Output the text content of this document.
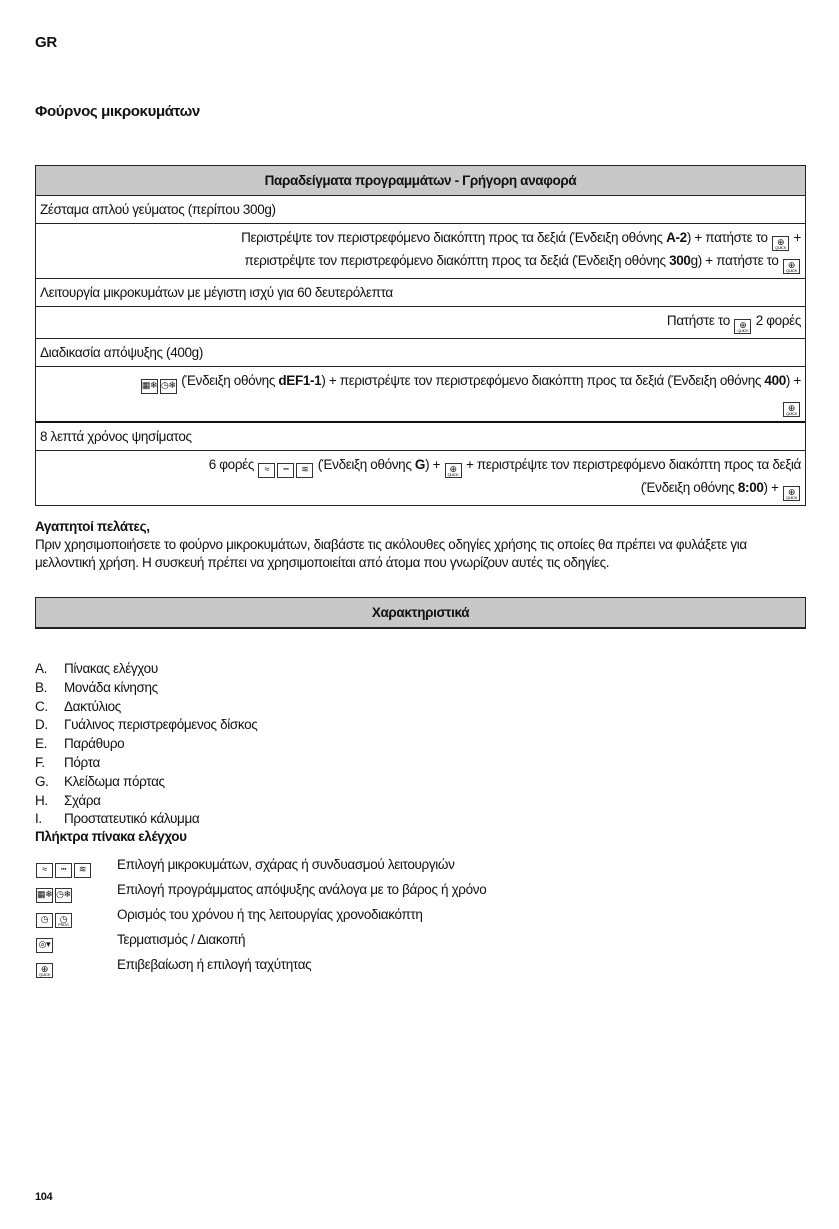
GR
Φούρνος μικροκυμάτων
Παραδείγματα προγραμμάτων - Γρήγορη αναφορά
Ζέσταμα απλού γεύματος (περίπου 300g)
Περιστρέψτε τον περιστρεφόμενο διακόπτη προς τα δεξιά (Ένδειξη οθόνης A-2) + πατήστε το ⊕
QUICK
+
περιστρέψτε τον περιστρεφόμενο διακόπτη προς τα δεξιά (Ένδειξη οθόνης 300g) + πατήστε το ⊕
QUICK
Λειτουργία μικροκυμάτων με μέγιστη ισχύ για 60 δευτερόλεπτα
Πατήστε το ⊕
QUICK
2 φορές
Διαδικασία απόψυξης (400g)
▦❄ ◷❄ (Ένδειξη οθόνης dEF1-1) + περιστρέψτε τον περιστρεφόμενο διακόπτη προς τα δεξιά (Ένδειξη οθόνης 400) +
⊕
QUICK
8 λεπτά χρόνος ψησίματος
6 φορές ≈ ┅ ≋ (Ένδειξη οθόνης G) + ⊕
QUICK
+ περιστρέψτε τον περιστρεφόμενο διακόπτη προς τα δεξιά
(Ένδειξη οθόνης 8:00) + ⊕
QUICK
Αγαπητοί πελάτες,
Πριν χρησιμοποιήσετε το φούρνο μικροκυμάτων, διαβάστε τις ακόλουθες οδηγίες χρήσης τις οποίες θα πρέπει να φυλάξετε για μελλοντική χρήση. Η συσκευή πρέπει να χρησιμοποιείται από άτομα που γνωρίζουν αυτές τις οδηγίες.
Χαρακτηριστικά
A. Πίνακας ελέγχου
B. Μονάδα κίνησης
C. Δακτύλιος
D. Γυάλινος περιστρεφόμενος δίσκος
E. Παράθυρο
F. Πόρτα
G. Κλείδωμα πόρτας
H. Σχάρα
I. Προστατευτικό κάλυμμα
Πλήκτρα πίνακα ελέγχου
≈ ┅ ≋ Επιλογή μικροκυμάτων, σχάρας ή συνδυασμού λειτουργιών
▦❄ ◷❄	Επιλογή προγράμματος απόψυξης ανάλογα με το βάρος ή χρόνο
◷ ◷
PROG
Ορισμός του χρόνου ή της λειτουργίας χρονοδιακόπτη
◎▾	Τερματισμός / Διακοπή
⊕
QUICK
Επιβεβαίωση ή επιλογή ταχύτητας
104
